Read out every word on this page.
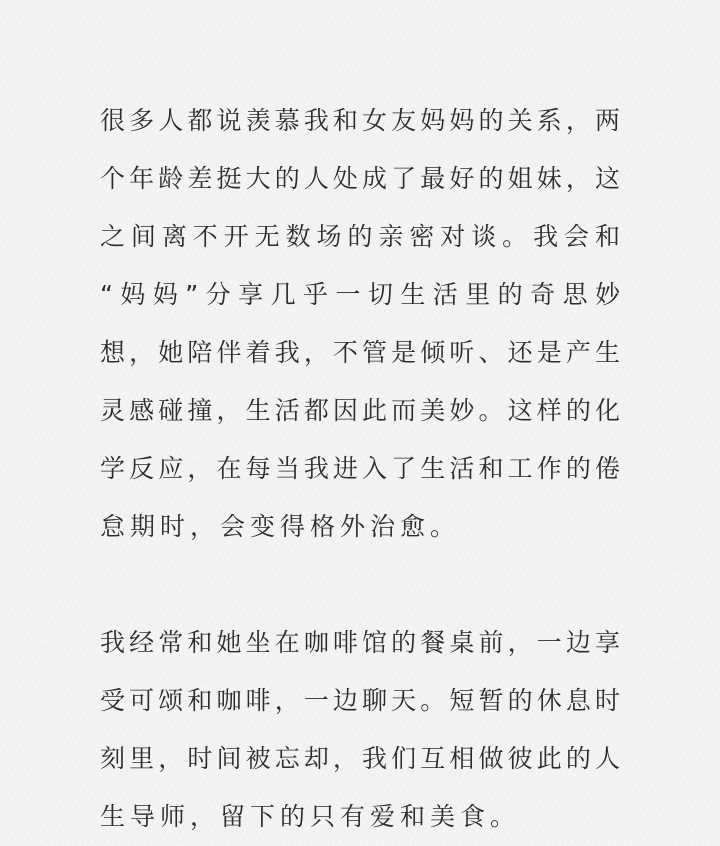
很多人都说羡慕我和女友妈妈的关系，两
个年龄差挺大的人处成了最好的姐妹，这
之间离不开无数场的亲密对谈。我会和
“妈妈”分享几乎一切生活里的奇思妙
想，她陪伴着我，不管是倾听、还是产生
灵感碰撞，生活都因此而美妙。这样的化
学反应，在每当我进入了生活和工作的倦
怠期时，会变得格外治愈。
我经常和她坐在咖啡馆的餐桌前，一边享
受可颂和咖啡，一边聊天。短暂的休息时
刻里，时间被忘却，我们互相做彼此的人
生导师，留下的只有爱和美食。
